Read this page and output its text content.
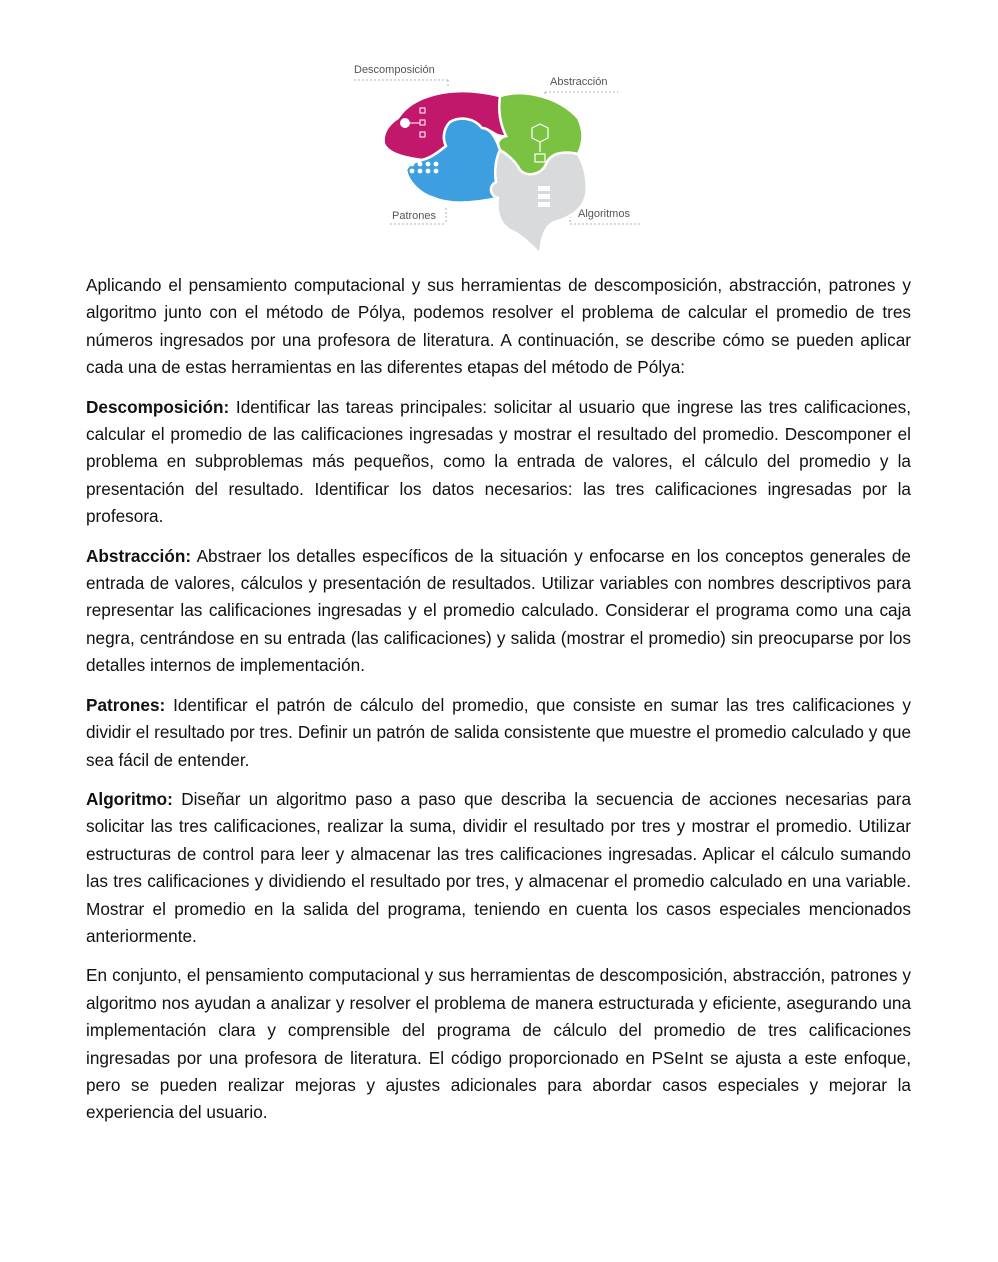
Descomposición
Abstracción
Patrones	Algoritmos

Aplicando el pensamiento computacional y sus herramientas de descomposición, abstracción, patrones y algoritmo junto con el método de Pólya, podemos resolver el problema de calcular el promedio de tres números ingresados por una profesora de literatura. A continuación, se describe cómo se pueden aplicar cada una de estas herramientas en las diferentes etapas del método de Pólya:

Descomposición: Identificar las tareas principales: solicitar al usuario que ingrese las tres calificaciones, calcular el promedio de las calificaciones ingresadas y mostrar el resultado del promedio. Descomponer el problema en subproblemas más pequeños, como la entrada de valores, el cálculo del promedio y la presentación del resultado. Identificar los datos necesarios: las tres calificaciones ingresadas por la profesora.

Abstracción: Abstraer los detalles específicos de la situación y enfocarse en los conceptos generales de entrada de valores, cálculos y presentación de resultados. Utilizar variables con nombres descriptivos para representar las calificaciones ingresadas y el promedio calculado. Considerar el programa como una caja negra, centrándose en su entrada (las calificaciones) y salida (mostrar el promedio) sin preocuparse por los detalles internos de implementación.

Patrones: Identificar el patrón de cálculo del promedio, que consiste en sumar las tres calificaciones y dividir el resultado por tres. Definir un patrón de salida consistente que muestre el promedio calculado y que sea fácil de entender.

Algoritmo: Diseñar un algoritmo paso a paso que describa la secuencia de acciones necesarias para solicitar las tres calificaciones, realizar la suma, dividir el resultado por tres y mostrar el promedio. Utilizar estructuras de control para leer y almacenar las tres calificaciones ingresadas. Aplicar el cálculo sumando las tres calificaciones y dividiendo el resultado por tres, y almacenar el promedio calculado en una variable. Mostrar el promedio en la salida del programa, teniendo en cuenta los casos especiales mencionados anteriormente.

En conjunto, el pensamiento computacional y sus herramientas de descomposición, abstracción, patrones y algoritmo nos ayudan a analizar y resolver el problema de manera estructurada y eficiente, asegurando una implementación clara y comprensible del programa de cálculo del promedio de tres calificaciones ingresadas por una profesora de literatura. El código proporcionado en PSeInt se ajusta a este enfoque, pero se pueden realizar mejoras y ajustes adicionales para abordar casos especiales y mejorar la experiencia del usuario.
